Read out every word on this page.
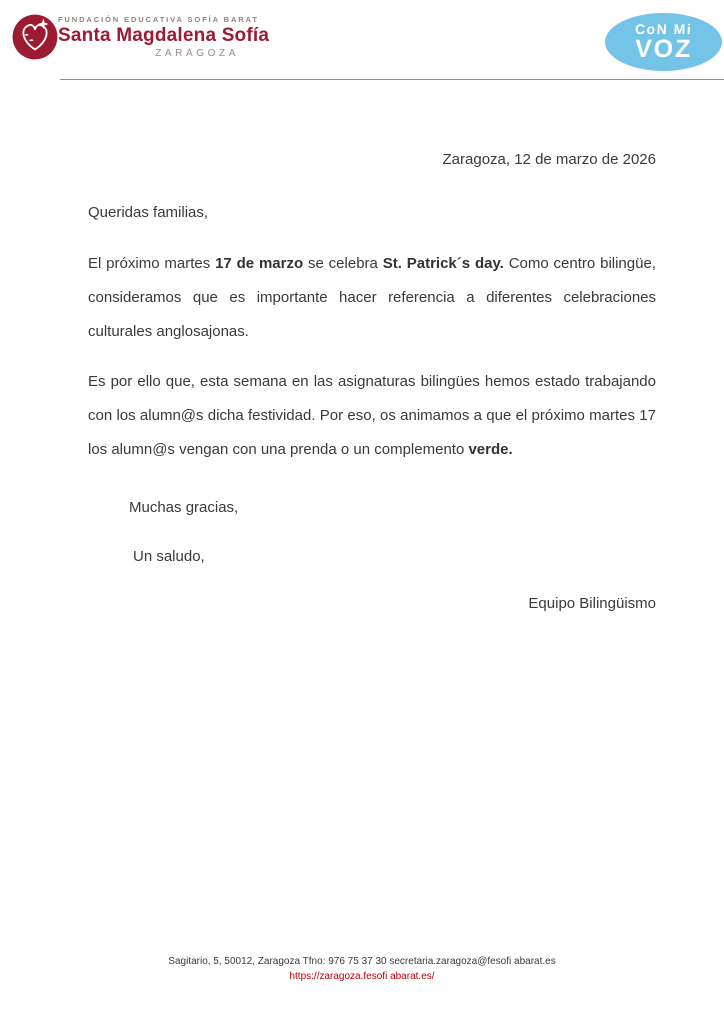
FUNDACIÓN EDUCATIVA SOFÍA BARAT
Santa Magdalena Sofía
ZARAGOZA
CoN Mi
VOZ

Zaragoza, 12 de marzo de 2026

Queridas familias,

El próximo martes 17 de marzo se celebra St. Patrick´s day. Como centro bilingüe, consideramos que es importante hacer referencia a diferentes celebraciones culturales anglosajonas.

Es por ello que, esta semana en las asignaturas bilingües hemos estado trabajando con los alumn@s dicha festividad. Por eso, os animamos a que el próximo martes 17 los alumn@s vengan con una prenda o un complemento verde.

Muchas gracias,

Un saludo,

Equipo Bilingüismo

Sagitario, 5, 50012, Zaragoza Tfno: 976 75 37 30 secretaria.zaragoza@fesofi abarat.es
https://zaragoza.fesofi abarat.es/
